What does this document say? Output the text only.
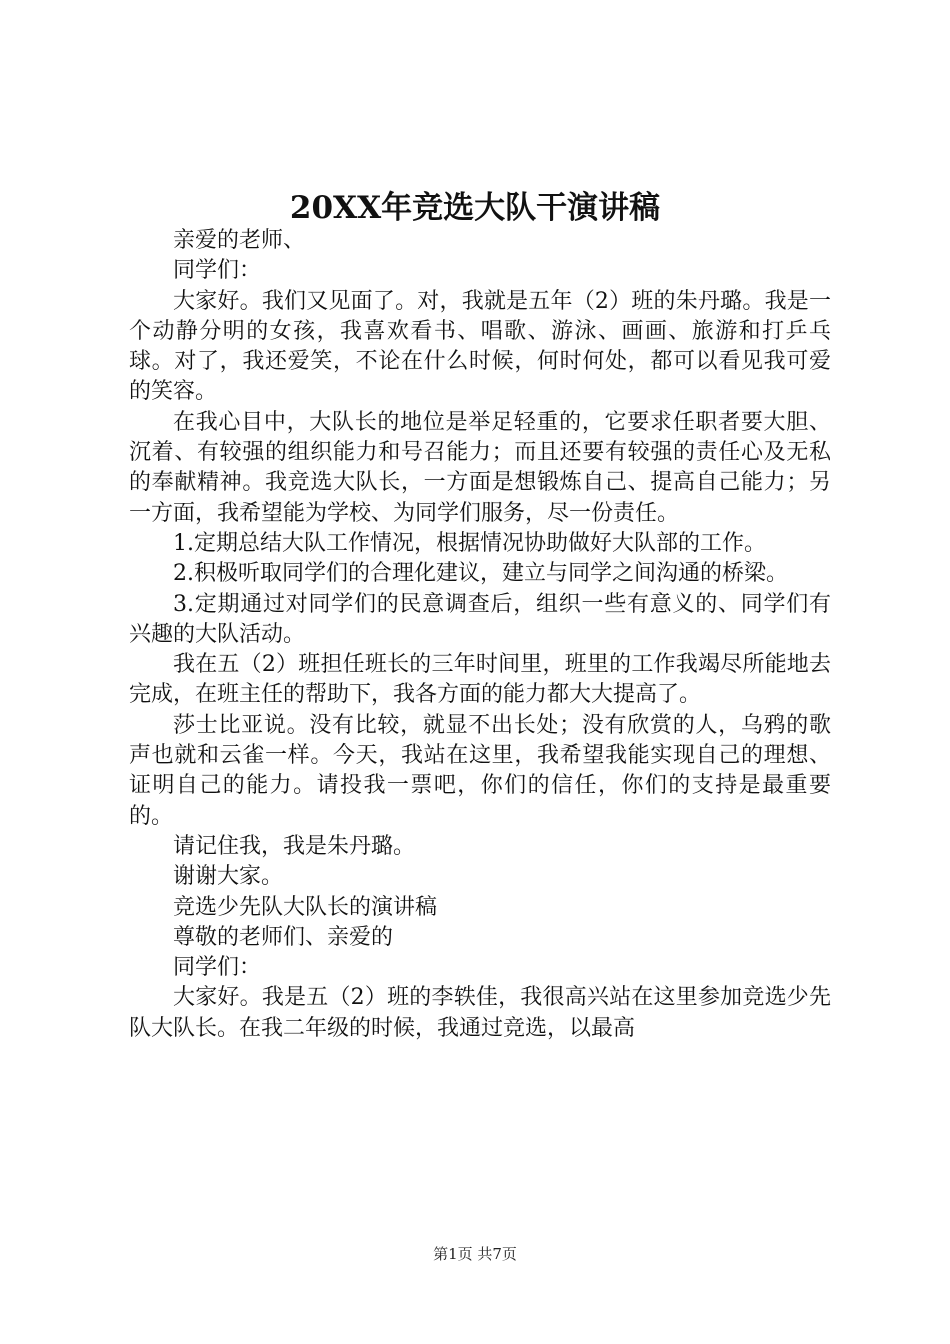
20XX年竞选大队干演讲稿

亲爱的老师、

同学们：

大家好。我们又见面了。对，我就是五年（2）班的朱丹璐。我是一个动静分明的女孩，我喜欢看书、唱歌、游泳、画画、旅游和打乒乓球。对了，我还爱笑，不论在什么时候，何时何处，都可以看见我可爱的笑容。

在我心目中，大队长的地位是举足轻重的，它要求任职者要大胆、沉着、有较强的组织能力和号召能力；而且还要有较强的责任心及无私的奉献精神。我竞选大队长，一方面是想锻炼自己、提高自己能力；另一方面，我希望能为学校、为同学们服务，尽一份责任。

1.定期总结大队工作情况，根据情况协助做好大队部的工作。

2.积极听取同学们的合理化建议，建立与同学之间沟通的桥梁。

3.定期通过对同学们的民意调查后，组织一些有意义的、同学们有兴趣的大队活动。

我在五（2）班担任班长的三年时间里，班里的工作我竭尽所能地去完成，在班主任的帮助下，我各方面的能力都大大提高了。

莎士比亚说。没有比较，就显不出长处；没有欣赏的人，乌鸦的歌声也就和云雀一样。今天，我站在这里，我希望我能实现自己的理想、证明自己的能力。请投我一票吧，你们的信任，你们的支持是最重要的。

请记住我，我是朱丹璐。

谢谢大家。

竞选少先队大队长的演讲稿

尊敬的老师们、亲爱的

同学们：

大家好。我是五（2）班的李轶佳，我很高兴站在这里参加竞选少先队大队长。在我二年级的时候，我通过竞选，以最高

第1页 共7页
